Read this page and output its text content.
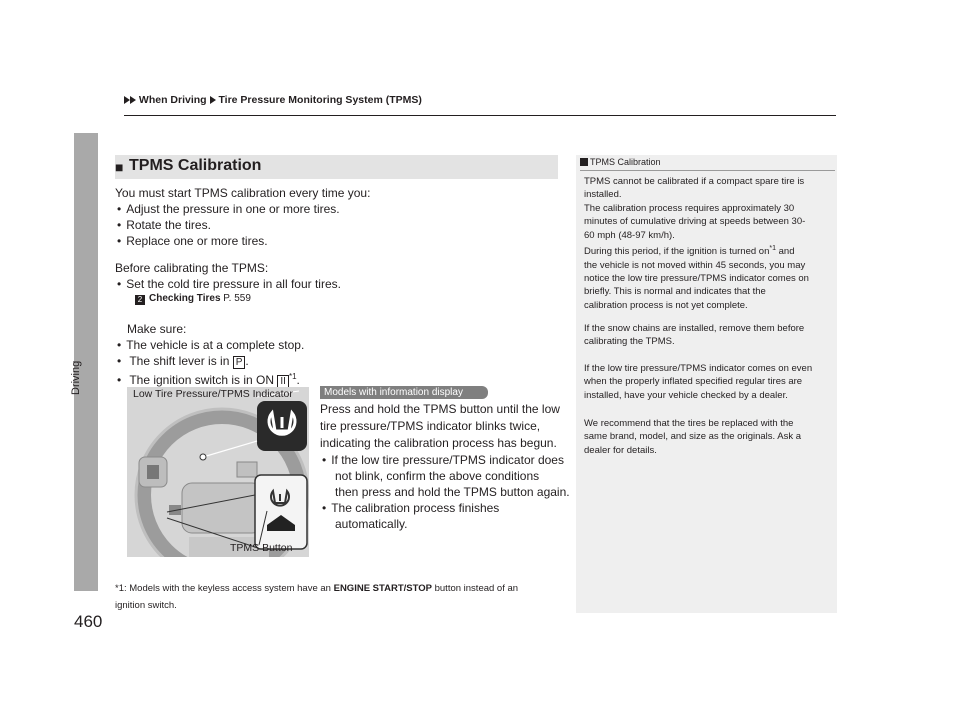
When Driving Tire Pressure Monitoring System (TPMS)
Driving
■ TPMS Calibration
You must start TPMS calibration every time you:
• Adjust the pressure in one or more tires.
• Rotate the tires.
• Replace one or more tires.
Before calibrating the TPMS:
• Set the cold tire pressure in all four tires.
2 Checking Tires P. 559
Make sure:
• The vehicle is at a complete stop.
• The shift lever is in P .
• The ignition switch is in ON II $^{*1}$.
Low Tire Pressure/TPMS Indicator
TPMS Button
Models with information display
Press and hold the TPMS button until the low
tire pressure/TPMS indicator blinks twice,
indicating the calibration process has begun.
• If the low tire pressure/TPMS indicator does
not blink, confirm the above conditions
then press and hold the TPMS button again.
• The calibration process finishes
automatically.
*1: Models with the keyless access system have an ENGINE START/STOP button instead of an
ignition switch.
TPMS Calibration
TPMS cannot be calibrated if a compact spare tire is
installed.
The calibration process requires approximately 30
minutes of cumulative driving at speeds between 30-
60 mph (48-97 km/h).
During this period, if the ignition is turned $on^{*1}$ and
the vehicle is not moved within 45 seconds, you may
notice the low tire pressure/TPMS indicator comes on
briefly. This is normal and indicates that the
calibration process is not yet complete.
If the snow chains are installed, remove them before
calibrating the TPMS.
If the low tire pressure/TPMS indicator comes on even
when the properly inflated specified regular tires are
installed, have your vehicle checked by a dealer.
We recommend that the tires be replaced with the
same brand, model, and size as the originals. Ask a
dealer for details.
460
